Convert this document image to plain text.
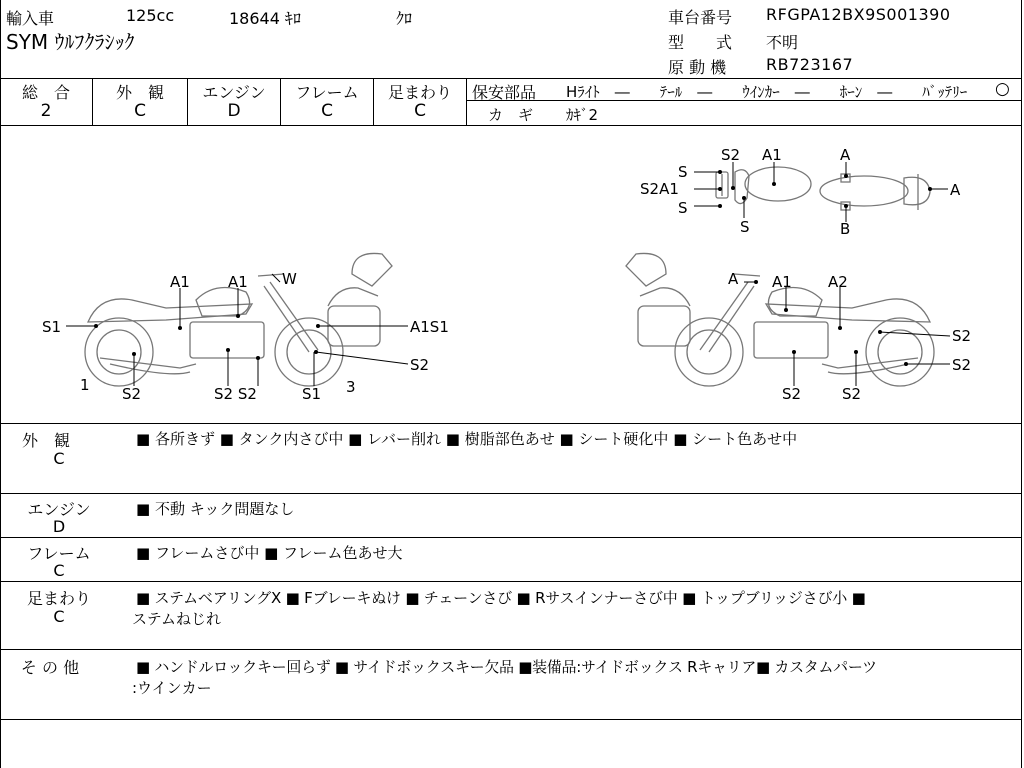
輸入車	125cc	18644 ｷﾛ	ｸﾛ
SYM ｳﾙﾌｸﾗｼｯｸ
車台番号 RFGPA12BX9S001390
型　　式 不明
原 動 機 RB723167
総　合
2
外　観
C
エンジン
D
フレーム
C
足まわり
C
保安部品 Hﾗｲﾄ　―　　ﾃｰﾙ　―　　ｳｲﾝｶｰ　―　　ﾎｰﾝ　―　　ﾊﾞｯﾃﾘｰ ○
カ　ギ ｶｷﾞ2
S2 A1	A
S
S2A1
S
S
A
B
A1	A1 W
S1	A1S1
S2
1 S2	S2 S2	S1 3
A A1 A2
S2
S2
S2	S2
外　観
C
■ 各所きず ■ タンク内さび中 ■ レバー削れ ■ 樹脂部色あせ ■ シート硬化中 ■ シート色あせ中
エンジン
D
■ 不動 キック問題なし
フレーム
C
■ フレームさび中 ■ フレーム色あせ大
足まわり
C
■ ステムベアリングX ■ Fブレーキぬけ ■ チェーンさび ■ Rサスインナーさび中 ■ トップブリッジさび小 ■
ステムねじれ
そ の 他	■ ハンドルロックキー回らず ■ サイドボックスキー欠品 ■装備品:サイドボックス Rキャリア■ カスタムパーツ
:ウインカー
